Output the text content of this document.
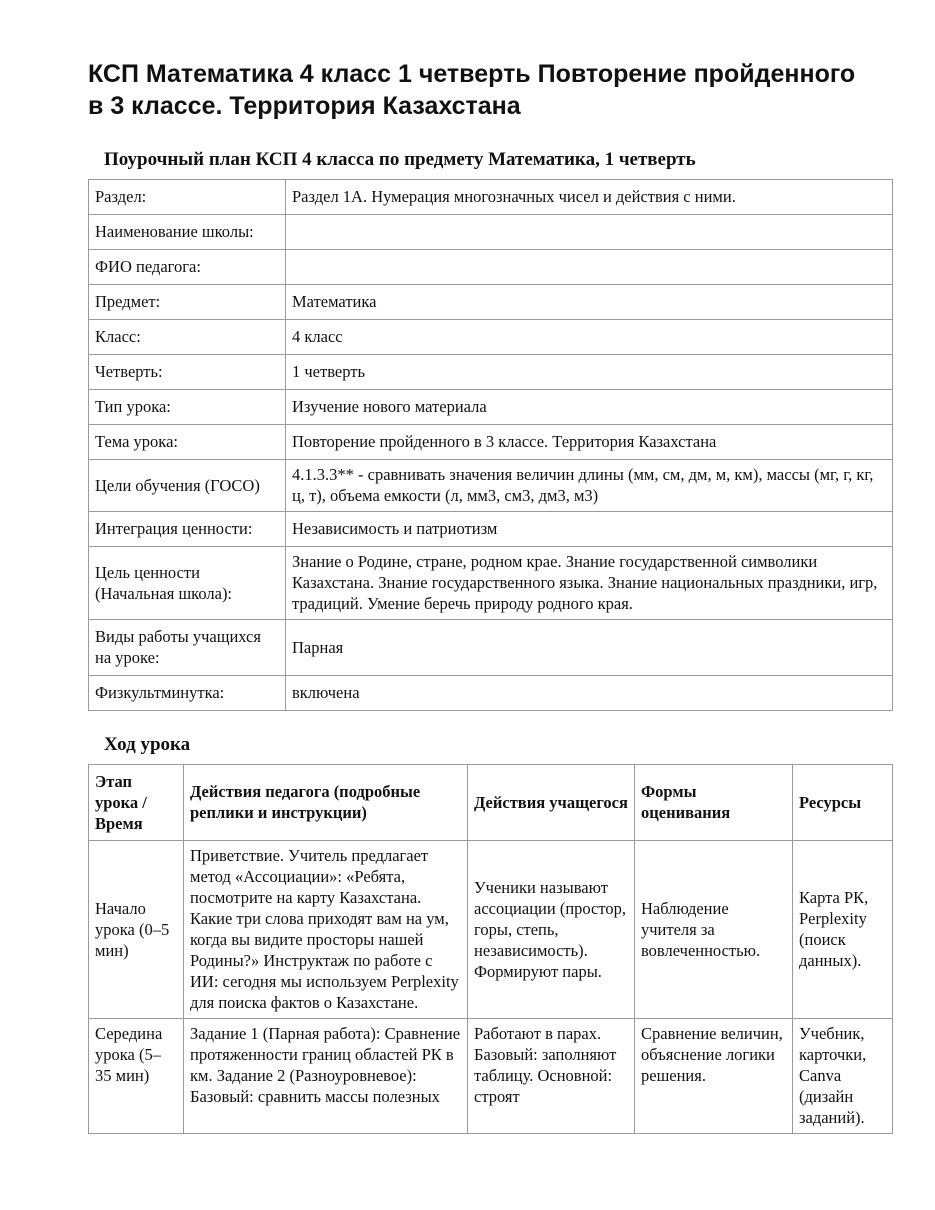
КСП Математика 4 класс 1 четверть Повторение пройденного в 3 классе. Территория Казахстана
Поурочный план КСП 4 класса по предмету Математика, 1 четверть
Раздел:	Раздел 1А. Нумерация многозначных чисел и действия с ними.
Наименование школы:	
ФИО педагога:	
Предмет:	Математика
Класс:	4 класс
Четверть:	1 четверть
Тип урока:	Изучение нового материала
Тема урока:	Повторение пройденного в 3 классе. Территория Казахстана
Цели обучения (ГОСО)	4.1.3.3** - сравнивать значения величин длины (мм, см, дм, м, км), массы (мг, г, кг, ц, т), объема емкости (л, мм3, см3, дм3, м3)
Интеграция ценности:	Независимость и патриотизм
Цель ценности (Начальная школа):	Знание о Родине, стране, родном крае. Знание государственной символики Казахстана. Знание государственного языка. Знание национальных праздники, игр, традиций. Умение беречь природу родного края.
Виды работы учащихся на уроке:	Парная
Физкультминутка:	включена
Ход урока
Этап урока / Время	Действия педагога (подробные реплики и инструкции)	Действия учащегося	Формы оценивания	Ресурсы
Начало урока (0–5 мин)	Приветствие. Учитель предлагает метод «Ассоциации»: «Ребята, посмотрите на карту Казахстана. Какие три слова приходят вам на ум, когда вы видите просторы нашей Родины?» Инструктаж по работе с ИИ: сегодня мы используем Perplexity для поиска фактов о Казахстане.	Ученики называют ассоциации (простор, горы, степь, независимость). Формируют пары.	Наблюдение учителя за вовлеченностью.	Карта РК, Perplexity (поиск данных).
Середина урока (5–35 мин)	Задание 1 (Парная работа): Сравнение протяженности границ областей РК в км. Задание 2 (Разноуровневое): Базовый: сравнить массы полезных	Работают в парах. Базовый: заполняют таблицу. Основной: строят	Сравнение величин, объяснение логики решения.	Учебник, карточки, Canva (дизайн заданий).
